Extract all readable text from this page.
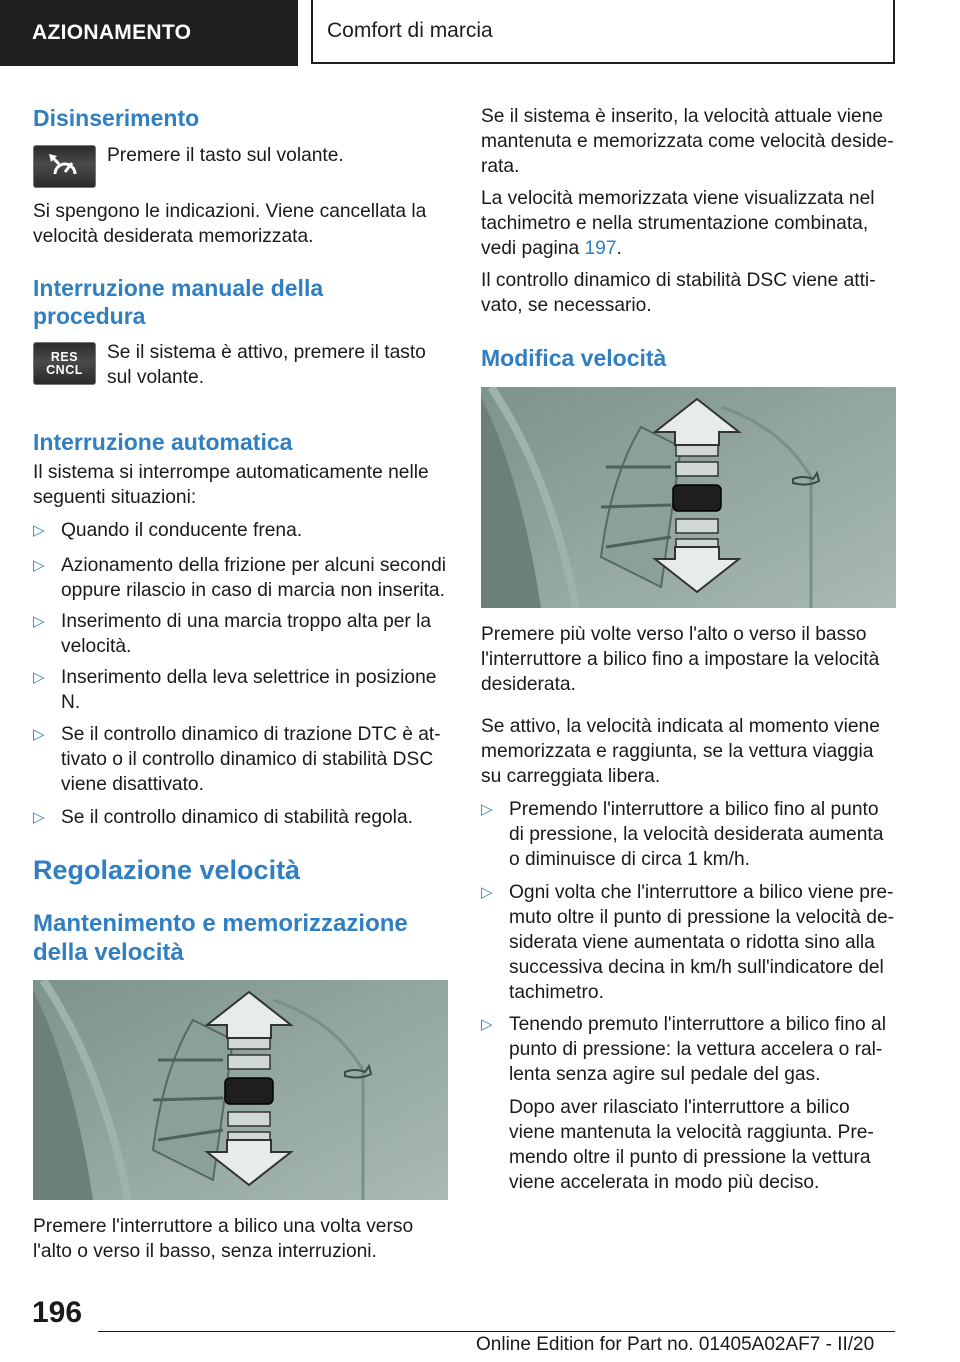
AZIONAMENTO	Comfort di marcia
Disinserimento

Premere il tasto sul volante.

Si spengono le indicazioni. Viene cancellata la velocità desiderata memorizzata.

Interruzione manuale della procedura
RES
CNCL

Se il sistema è attivo, premere il tasto

sul volante.

Interruzione automatica

Il sistema si interrompe automaticamente nelle seguenti situazioni:

▷ Quando il conducente frena.
▷ Azionamento della frizione per alcuni secondi oppure rilascio in caso di marcia non inserita.
▷ Inserimento di una marcia troppo alta per la velocità.
▷ Inserimento della leva selettrice in posizione N.
▷ Se il controllo dinamico di trazione DTC è attivato o il controllo dinamico di stabilità DSC viene disattivato.
▷ Se il controllo dinamico di stabilità regola.
Regolazione velocità
Mantenimento e memorizzazione della velocità

Premere l'interruttore a bilico una volta verso l'alto o verso il basso, senza interruzioni.

Se il sistema è inserito, la velocità attuale viene mantenuta e memorizzata come velocità desiderata.

La velocità memorizzata viene visualizzata nel tachimetro e nella strumentazione combinata, vedi pagina 197.

Il controllo dinamico di stabilità DSC viene attivato, se necessario.

Modifica velocità

Premere più volte verso l'alto o verso il basso l'interruttore a bilico fino a impostare la velocità desiderata.

Se attivo, la velocità indicata al momento viene memorizzata e raggiunta, se la vettura viaggia su carreggiata libera.

▷ Premendo l'interruttore a bilico fino al punto di pressione, la velocità desiderata aumenta o diminuisce di circa 1 km/h.
▷ Ogni volta che l'interruttore a bilico viene premuto oltre il punto di pressione la velocità desiderata viene aumentata o ridotta sino alla successiva decina in km/h sull'indicatore del tachimetro.
▷ Tenendo premuto l'interruttore a bilico fino al punto di pressione: la vettura accelera o rallenta senza agire sul pedale del gas.

Dopo aver rilasciato l'interruttore a bilico viene mantenuta la velocità raggiunta. Premendo oltre il punto di pressione la vettura viene accelerata in modo più deciso.

196
Online Edition for Part no. 01405A02AF7 - II/20
